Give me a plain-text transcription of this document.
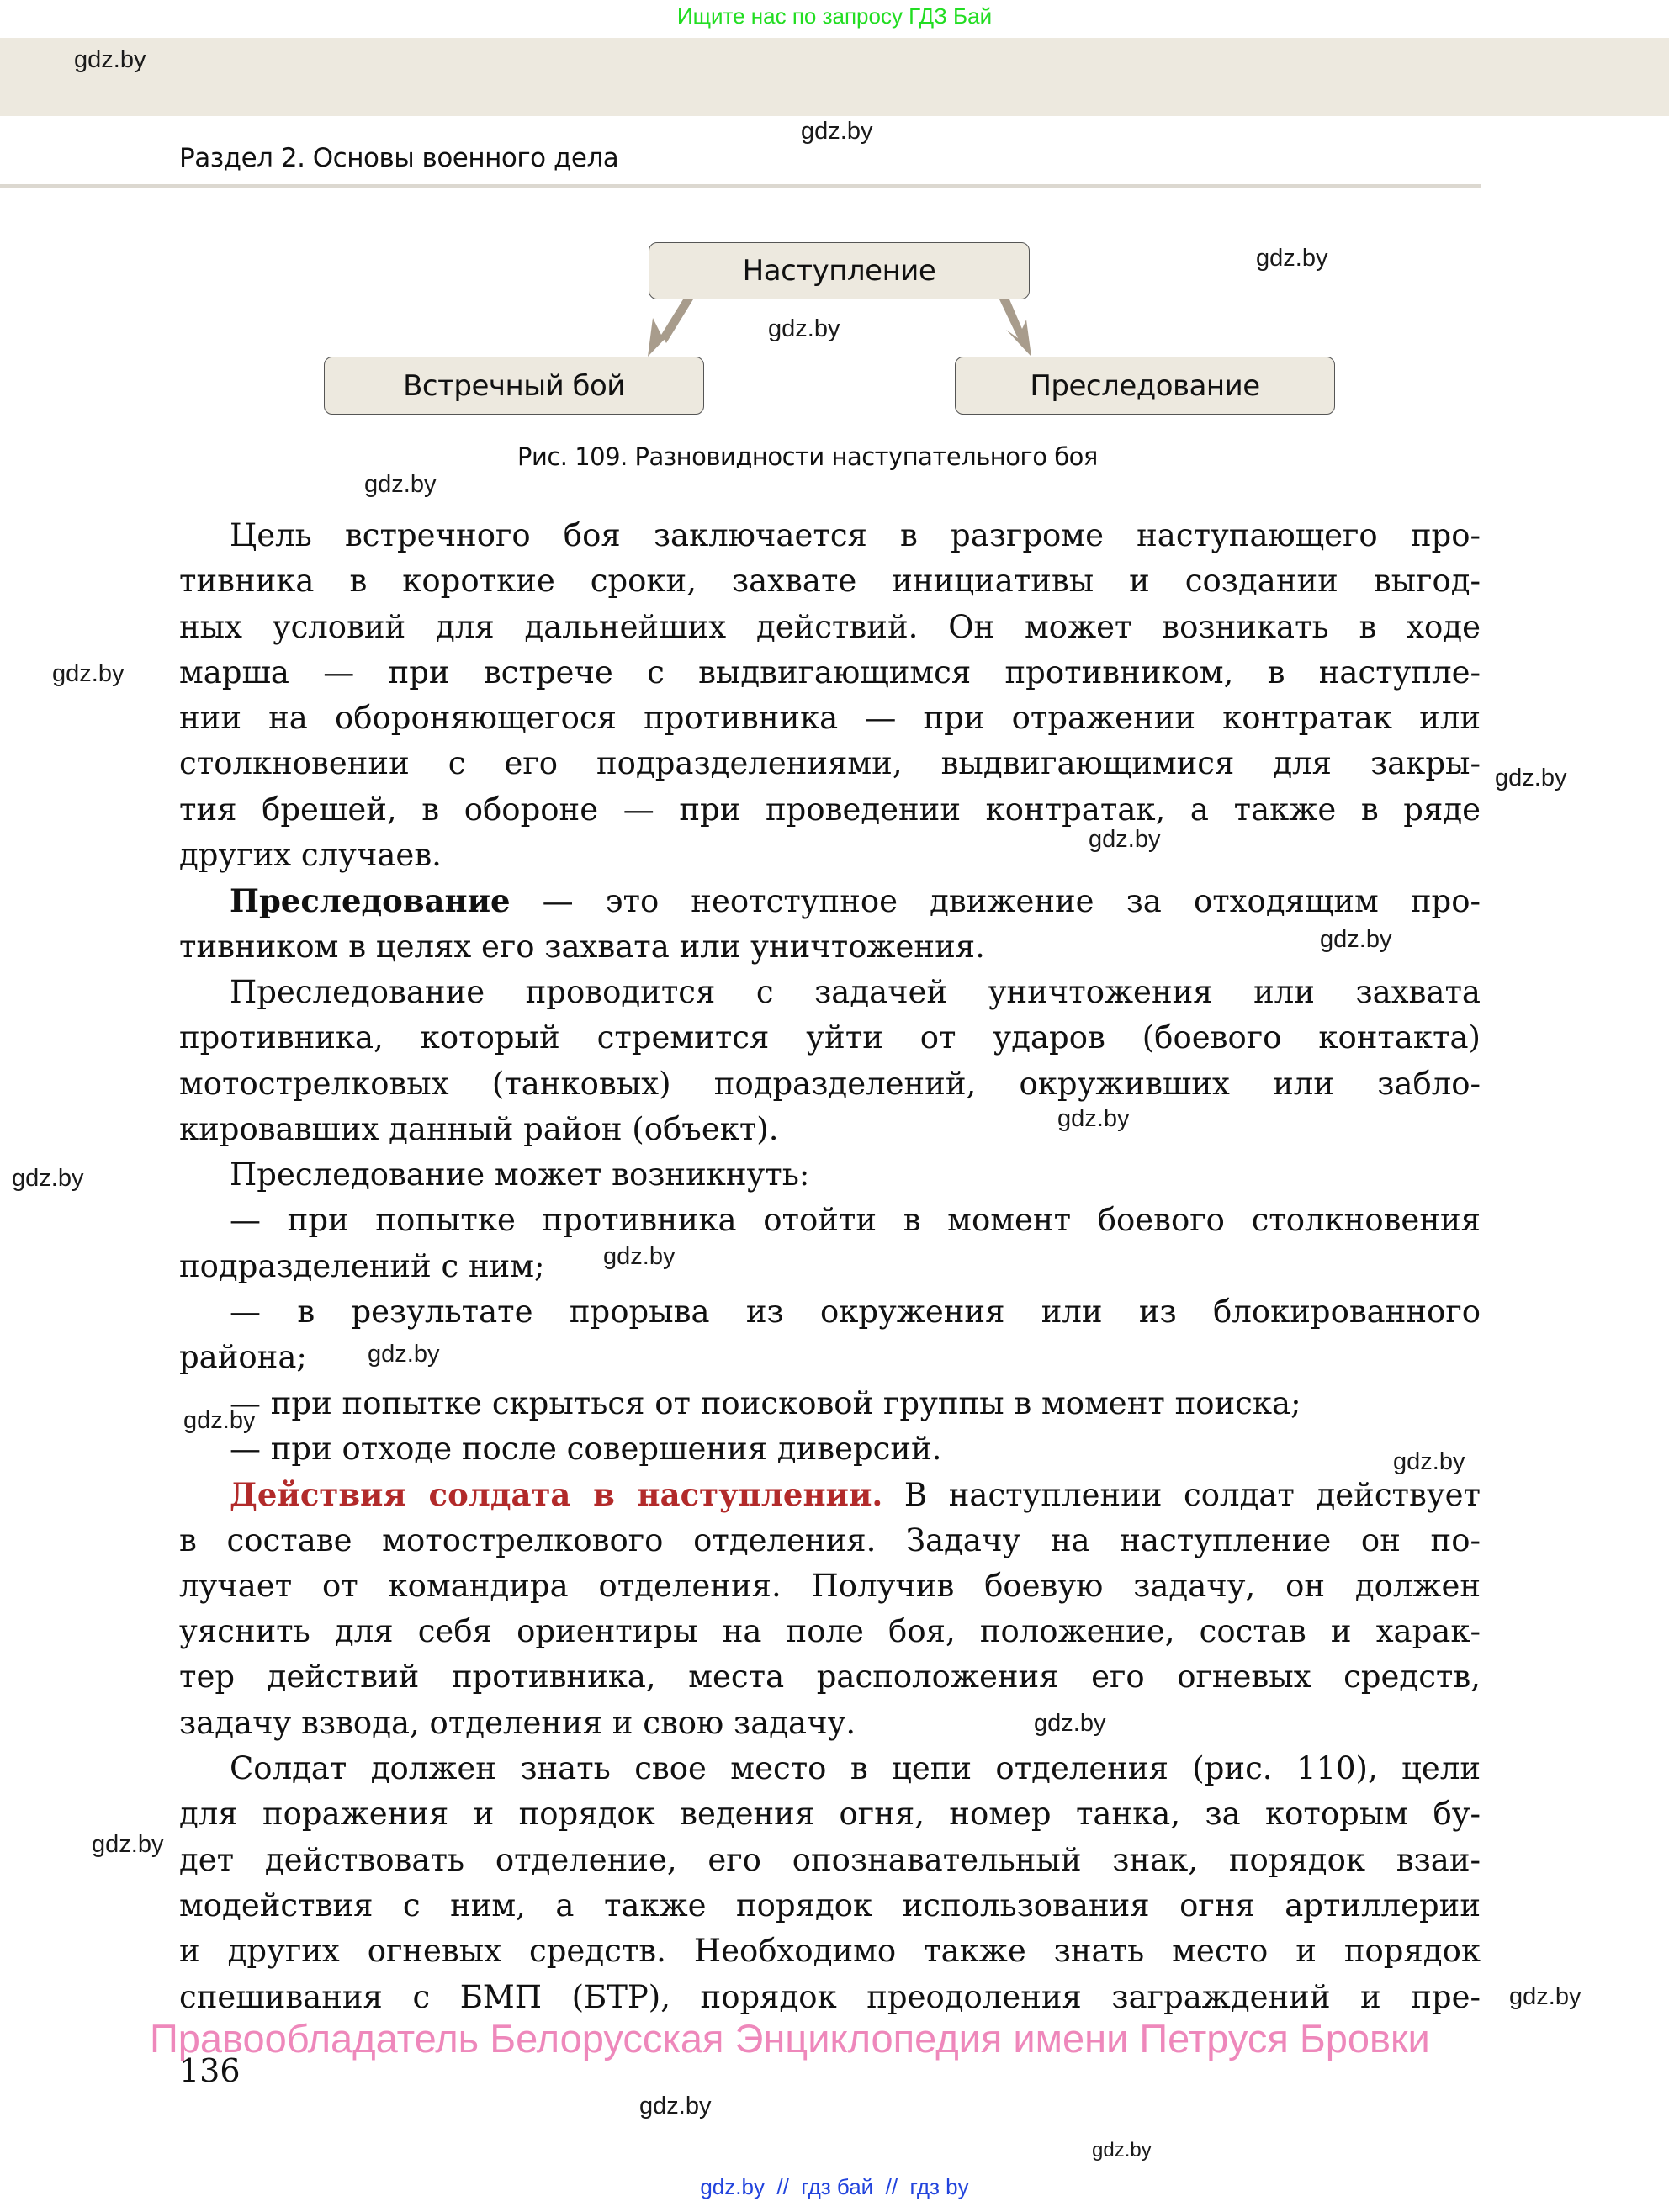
Ищите нас по запросу ГДЗ Бай
gdz.by
gdz.by
Раздел 2. Основы военного дела
Наступление
Встречный бой	Преследование
gdz.by
gdz.by
Рис. 109. Разновидности наступательного боя
gdz.by
Цель встречного боя заключается в разгроме наступающего про-
тивника в короткие сроки, захвате инициативы и создании выгод-
ных условий для дальнейших действий. Он может возникать в ходе
марша — при встрече с выдвигающимся противником, в наступле-
нии на обороняющегося противника — при отражении контратак или
столкновении с его подразделениями, выдвигающимися для закры-
тия брешей, в обороне — при проведении контратак, а также в ряде
других случаев.
Преследование — это неотступное движение за отходящим про-
тивником в целях его захвата или уничтожения.
Преследование проводится с задачей уничтожения или захвата
противника, который стремится уйти от ударов (боевого контакта)
мотострелковых (танковых) подразделений, окруживших или забло-
кировавших данный район (объект).
Преследование может возникнуть:
— при попытке противника отойти в момент боевого столкновения
подразделений с ним;
— в результате прорыва из окружения или из блокированного
района;
— при попытке скрыться от поисковой группы в момент поиска;
— при отходе после совершения диверсий.
Действия солдата в наступлении. В наступлении солдат действует
в составе мотострелкового отделения. Задачу на наступление он по-
лучает от командира отделения. Получив боевую задачу, он должен
уяснить для себя ориентиры на поле боя, положение, состав и харак-
тер действий противника, места расположения его огневых средств,
задачу взвода, отделения и свою задачу.
Солдат должен знать свое место в цепи отделения (рис. 110), цели
для поражения и порядок ведения огня, номер танка, за которым бу-
дет действовать отделение, его опознавательный знак, порядок взаи-
модействия с ним, а также порядок использования огня артиллерии
и других огневых средств. Необходимо также знать место и порядок
спешивания с БМП (БТР), порядок преодоления заграждений и пре-
gdz.by
gdz.by
gdz.by
gdz.by
gdz.by
gdz.by
gdz.by
gdz.by
gdz.by
gdz.by
gdz.by
gdz.by
gdz.by
Правообладатель Белорусская Энциклопедия имени Петруся Бровки
136
gdz.by
gdz.by
gdz.by  //  гдз бай  //  гдз by
